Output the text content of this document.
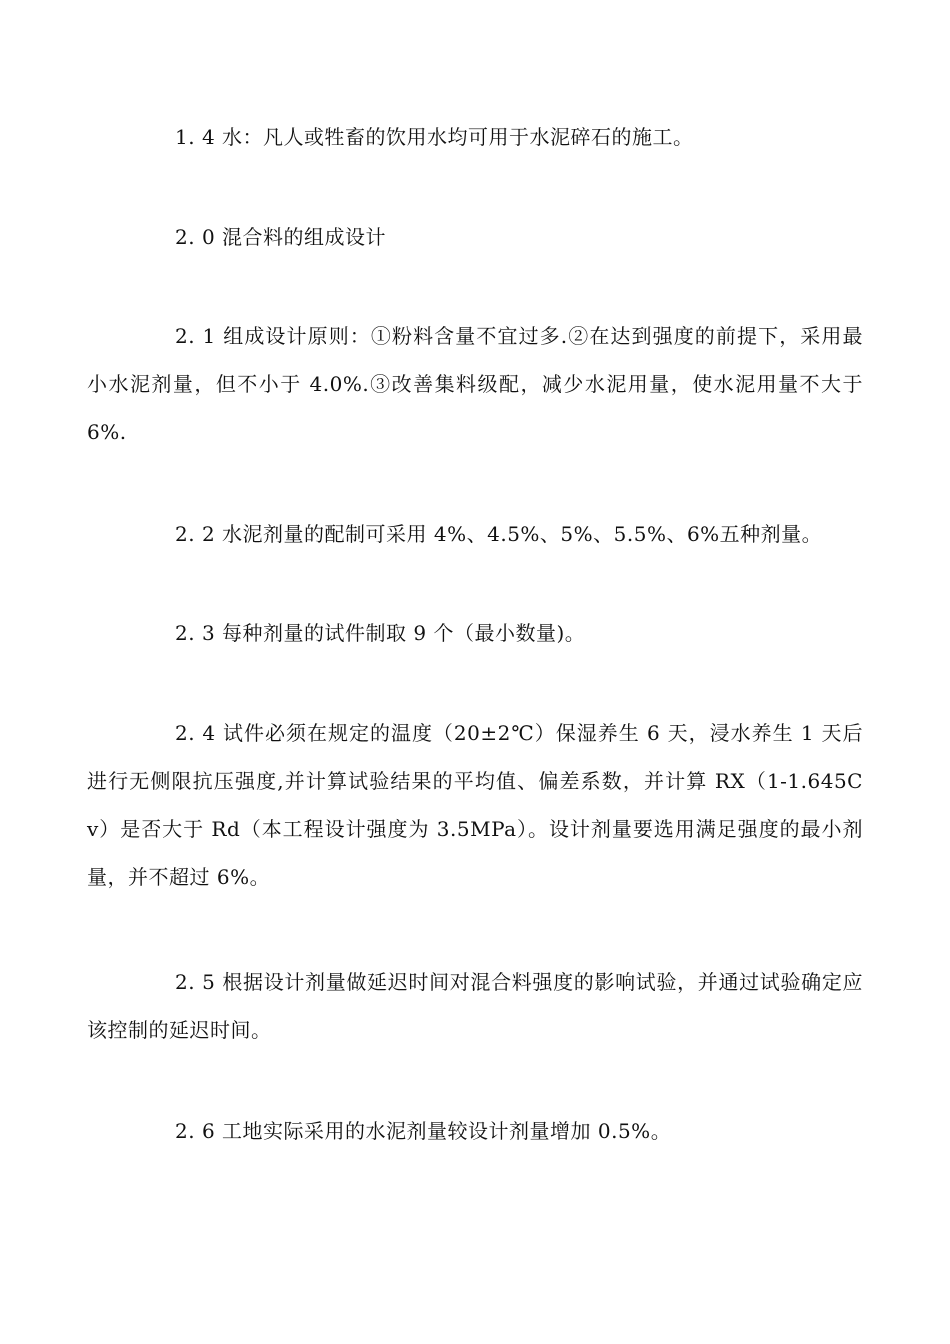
1. 4 水：凡人或牲畜的饮用水均可用于水泥碎石的施工。

2. 0 混合料的组成设计

2. 1 组成设计原则：①粉料含量不宜过多.②在达到强度的前提下，采用最小水泥剂量，但不小于 4.0%.③改善集料级配，减少水泥用量，使水泥用量不大于 6%.

2. 2 水泥剂量的配制可采用 4%、4.5%、5%、5.5%、6%五种剂量。

2. 3 每种剂量的试件制取 9 个（最小数量)。

2. 4 试件必须在规定的温度（20±2℃）保湿养生 6 天，浸水养生 1 天后进行无侧限抗压强度,并计算试验结果的平均值、偏差系数，并计算 RX（1-1.645Cv）是否大于 Rd（本工程设计强度为 3.5MPa）。设计剂量要选用满足强度的最小剂量，并不超过 6%。

2. 5 根据设计剂量做延迟时间对混合料强度的影响试验，并通过试验确定应该控制的延迟时间。

2. 6 工地实际采用的水泥剂量较设计剂量增加 0.5%。
